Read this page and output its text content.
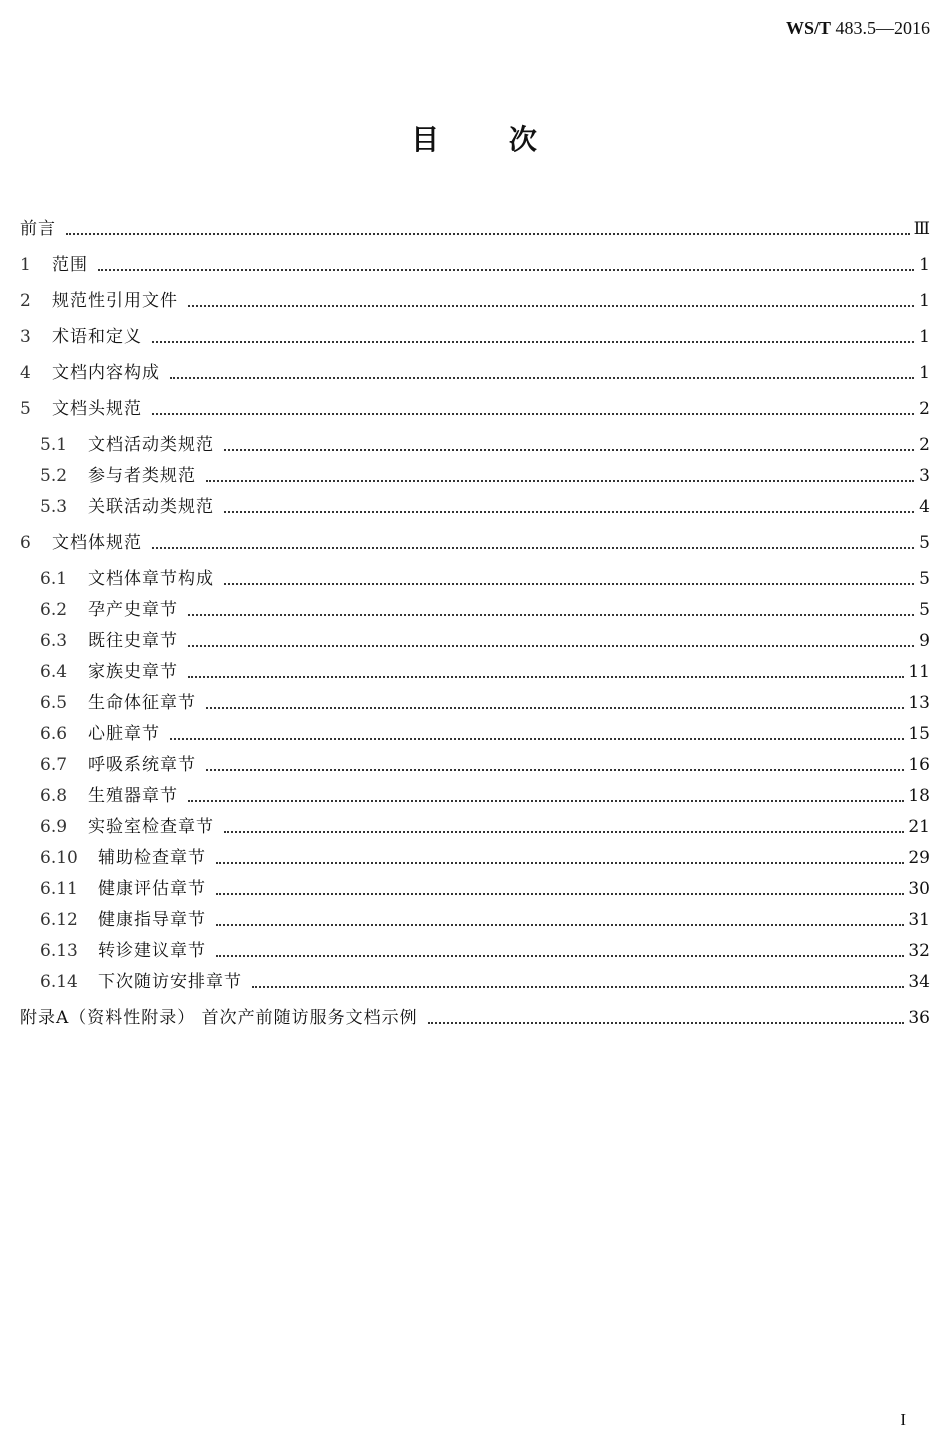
WS/T 483.5—2016
目 次
前言	Ⅲ
1	范围	1
2	规范性引用文件	1
3	术语和定义	1
4	文档内容构成	1
5	文档头规范	2
5.1	文档活动类规范	2
5.2	参与者类规范	3
5.3	关联活动类规范	4
6	文档体规范	5
6.1	文档体章节构成	5
6.2	孕产史章节	5
6.3	既往史章节	9
6.4	家族史章节	11
6.5	生命体征章节	13
6.6	心脏章节	15
6.7	呼吸系统章节	16
6.8	生殖器章节	18
6.9	实验室检查章节	21
6.10	辅助检查章节	29
6.11	健康评估章节	30
6.12	健康指导章节	31
6.13	转诊建议章节	32
6.14	下次随访安排章节	34
附录A（资料性附录） 首次产前随访服务文档示例	36
I
